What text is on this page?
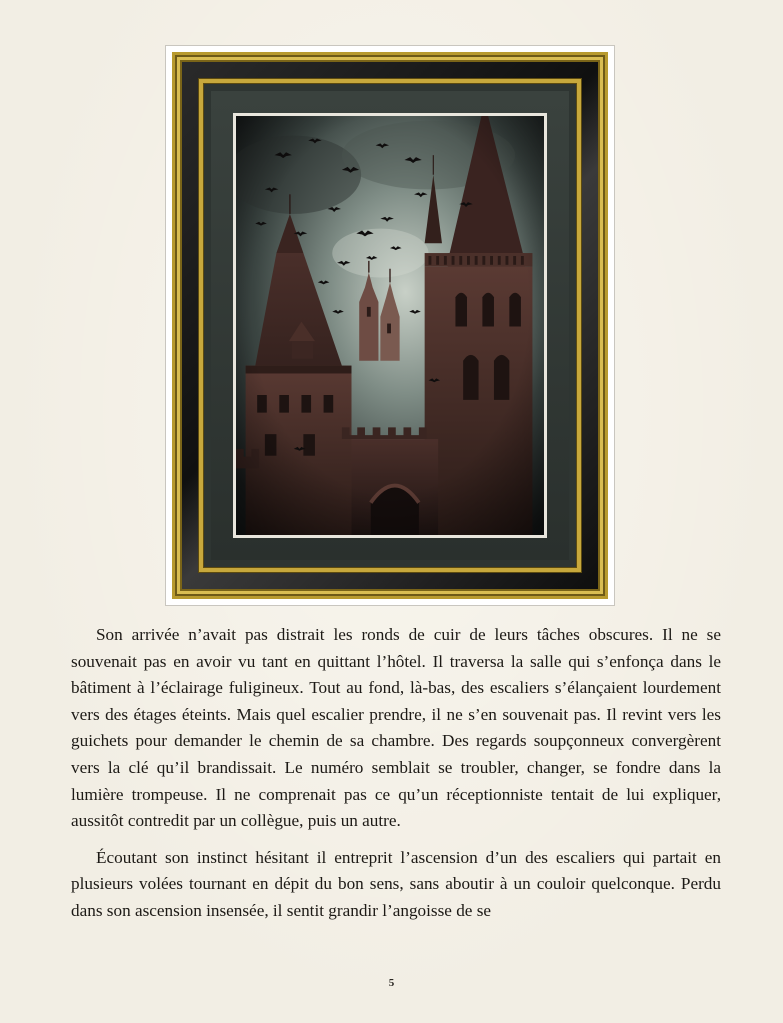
Son arrivée n’avait pas distrait les ronds de cuir de leurs tâches obscures. Il ne se souvenait pas en avoir vu tant en quittant l’hôtel. Il traversa la salle qui s’enfonça dans le bâtiment à l’éclairage fuligineux. Tout au fond, là-bas, des escaliers s’élançaient lourdement vers des étages éteints. Mais quel escalier prendre, il ne s’en souvenait pas. Il revint vers les guichets pour demander le chemin de sa chambre. Des regards soupçonneux convergèrent vers la clé qu’il brandissait. Le numéro semblait se troubler, changer, se fondre dans la lumière trompeuse. Il ne comprenait pas ce qu’un réceptionniste tentait de lui expliquer, aussitôt contredit par un collègue, puis un autre.

Écoutant son instinct hésitant il entreprit l’ascension d’un des escaliers qui partait en plusieurs volées tournant en dépit du bon sens, sans aboutir à un couloir quelconque. Perdu dans son ascension insensée, il sentit grandir l’angoisse de se

5
